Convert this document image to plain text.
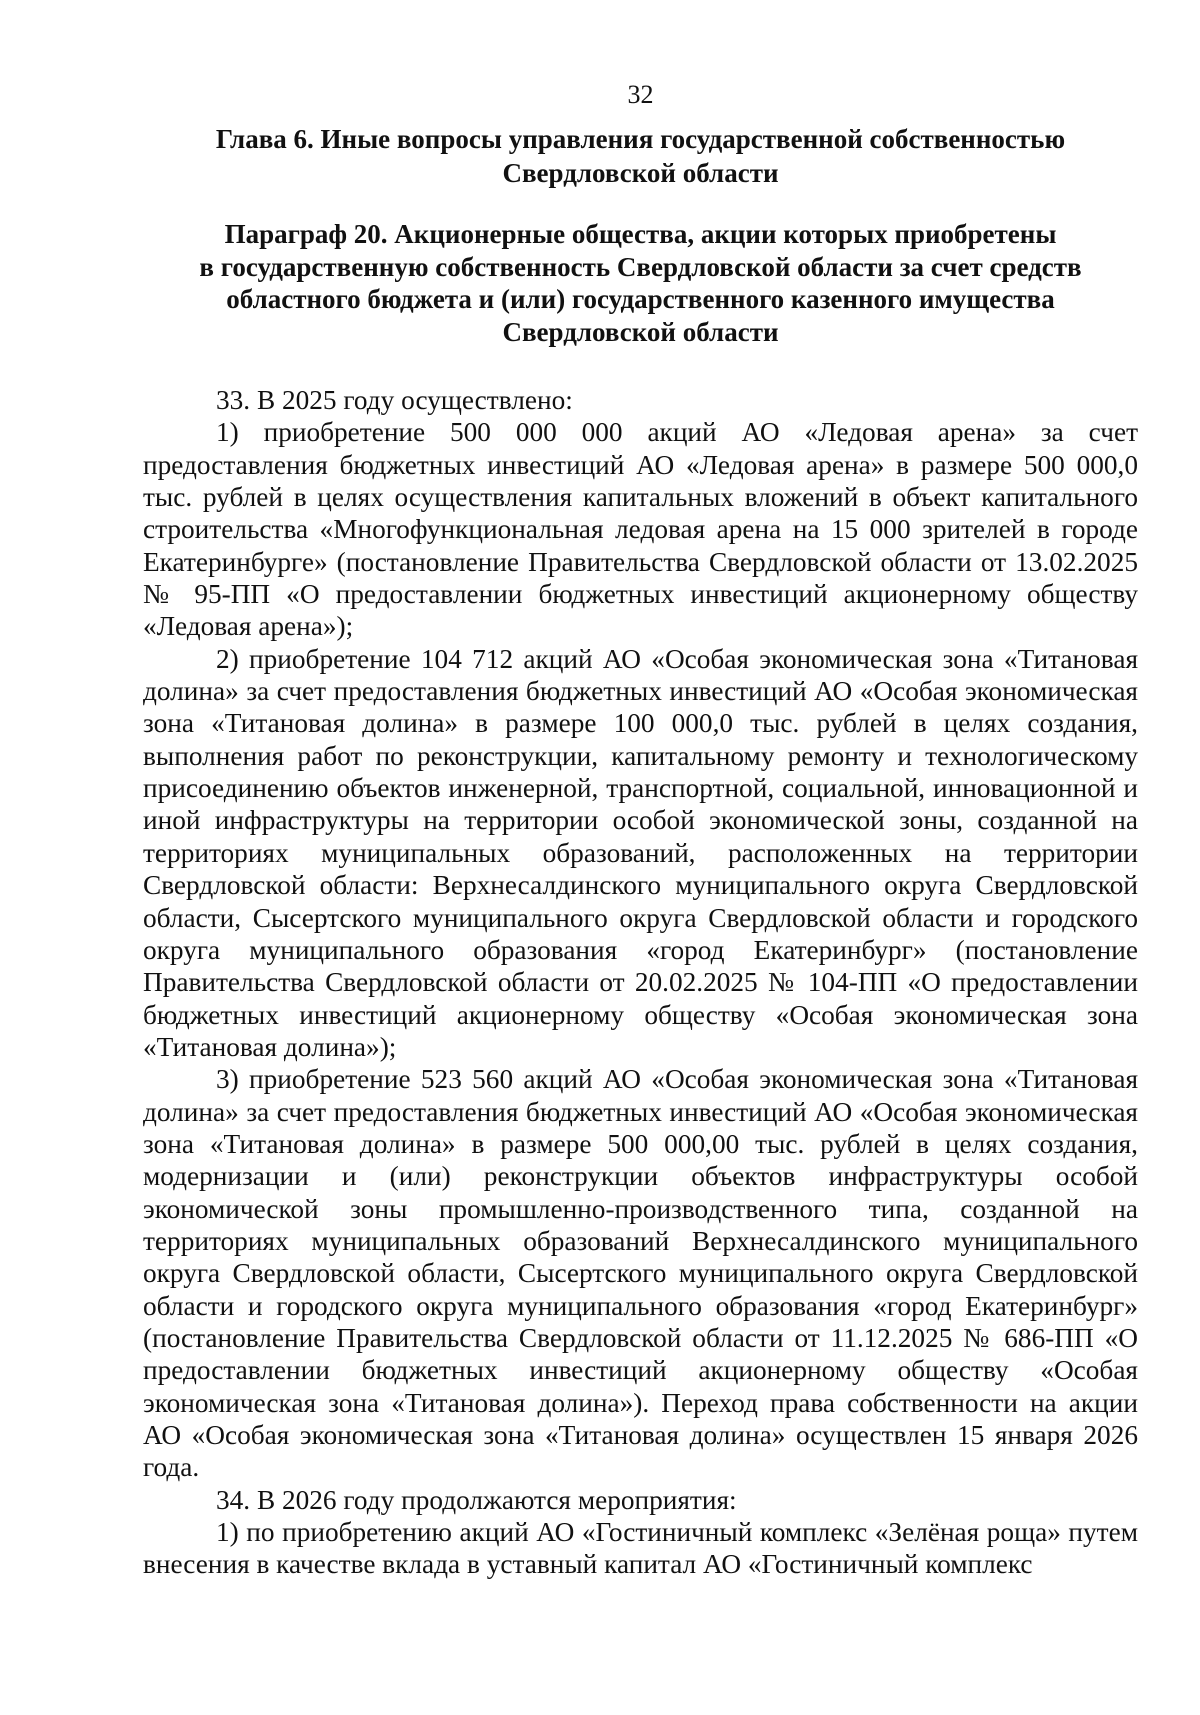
32
Глава 6. Иные вопросы управления государственной собственностью
Свердловской области
Параграф 20. Акционерные общества, акции которых приобретены
в государственную собственность Свердловской области за счет средств
областного бюджета и (или) государственного казенного имущества
Свердловской области

33. В 2025 году осуществлено:

1) приобретение 500 000 000 акций АО «Ледовая арена» за счет предоставления бюджетных инвестиций АО «Ледовая арена» в размере 500 000,0 тыс. рублей в целях осуществления капитальных вложений в объект капитального строительства «Многофункциональная ледовая арена на 15 000 зрителей в городе Екатеринбурге» (постановление Правительства Свердловской области от 13.02.2025 № 95-ПП «О предоставлении бюджетных инвестиций акционерному обществу «Ледовая арена»);

2) приобретение 104 712 акций АО «Особая экономическая зона «Титановая долина» за счет предоставления бюджетных инвестиций АО «Особая экономическая зона «Титановая долина» в размере 100 000,0 тыс. рублей в целях создания, выполнения работ по реконструкции, капитальному ремонту и технологическому присоединению объектов инженерной, транспортной, социальной, инновационной и иной инфраструктуры на территории особой экономической зоны, созданной на территориях муниципальных образований, расположенных на территории Свердловской области: Верхнесалдинского муниципального округа Свердловской области, Сысертского муниципального округа Свердловской области и городского округа муниципального образования «город Екатеринбург» (постановление Правительства Свердловской области от 20.02.2025 № 104-ПП «О предоставлении бюджетных инвестиций акционерному обществу «Особая экономическая зона «Титановая долина»);

3) приобретение 523 560 акций АО «Особая экономическая зона «Титановая долина» за счет предоставления бюджетных инвестиций АО «Особая экономическая зона «Титановая долина» в размере 500 000,00 тыс. рублей в целях создания, модернизации и (или) реконструкции объектов инфраструктуры особой экономической зоны промышленно-производственного типа, созданной на территориях муниципальных образований Верхнесалдинского муниципального округа Свердловской области, Сысертского муниципального округа Свердловской области и городского округа муниципального образования «город Екатеринбург» (постановление Правительства Свердловской области от 11.12.2025 № 686-ПП «О предоставлении бюджетных инвестиций акционерному обществу «Особая экономическая зона «Титановая долина»). Переход права собственности на акции АО «Особая экономическая зона «Титановая долина» осуществлен 15 января 2026 года.

34. В 2026 году продолжаются мероприятия:

1) по приобретению акций АО «Гостиничный комплекс «Зелёная роща» путем внесения в качестве вклада в уставный капитал АО «Гостиничный комплекс
